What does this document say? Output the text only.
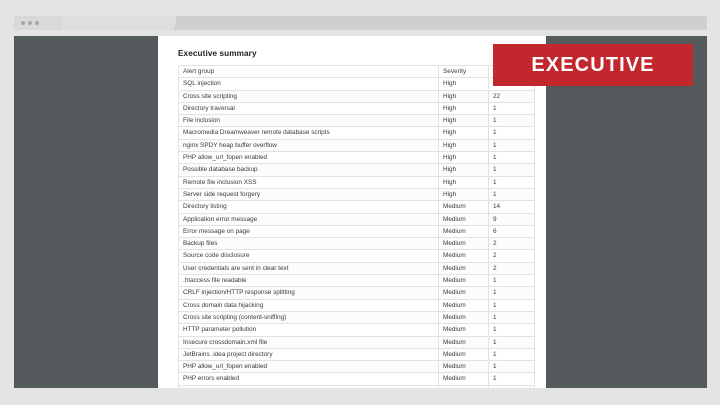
Executive summary
Alert group	Severity	
SQL injection	High	
Cross site scripting	High	22
Directory traversal	High	1
File inclusion	High	1
Macromedia Dreamweaver remote database scripts	High	1
nginx SPDY heap buffer overflow	High	1
PHP allow_url_fopen enabled	High	1
Possible database backup	High	1
Remote file inclusion XSS	High	1
Server side request forgery	High	1
Directory listing	Medium	14
Application error message	Medium	9
Error message on page	Medium	6
Backup files	Medium	2
Source code disclosure	Medium	2
User credentials are sent in clear text	Medium	2
.htaccess file readable	Medium	1
CRLF injection/HTTP response splitting	Medium	1
Cross domain data hijacking	Medium	1
Cross site scripting (content-sniffing)	Medium	1
HTTP parameter pollution	Medium	1
Insecure crossdomain.xml file	Medium	1
JetBrains .idea project directory	Medium	1
PHP allow_url_fopen enabled	Medium	1
PHP errors enabled	Medium	1

EXECUTIVE
